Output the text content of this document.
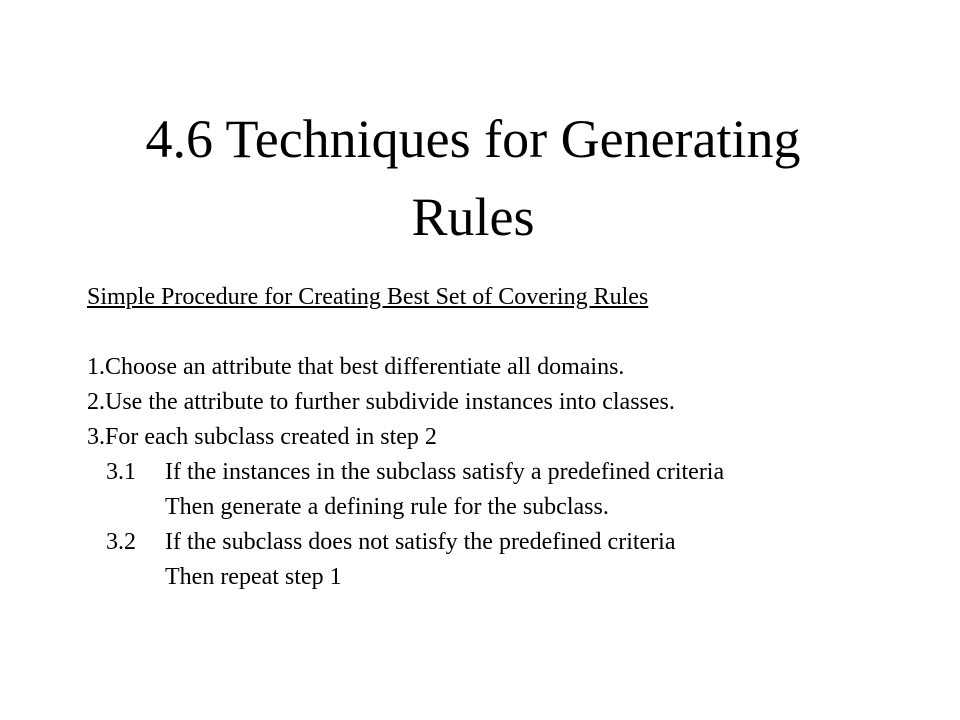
4.6 Techniques for Generating
Rules

Simple Procedure for Creating Best Set of Covering Rules

1.Choose an attribute that best differentiate all domains.

2.Use the attribute to further subdivide instances into classes.

3.For each subclass created in step 2

3.1 If the instances in the subclass satisfy a predefined criteria

Then generate a defining rule for the subclass.

3.2 If the subclass does not satisfy the predefined criteria

Then repeat step 1
